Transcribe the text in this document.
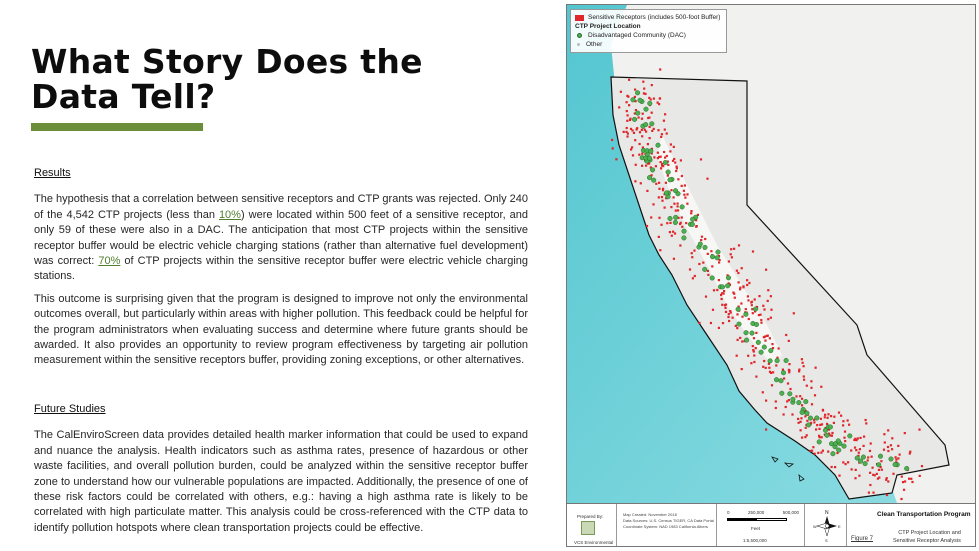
What Story Does the Data Tell?
Results

The hypothesis that a correlation between sensitive receptors and CTP grants was rejected. Only 240 of the 4,542 CTP projects (less than 10%) were located within 500 feet of a sensitive receptor, and only 59 of these were also in a DAC. The anticipation that most CTP projects within the sensitive receptor buffer would be electric vehicle charging stations (rather than alternative fuel development) was correct: 70% of CTP projects within the sensitive receptor buffer were electric vehicle charging stations.

This outcome is surprising given that the program is designed to improve not only the environmental outcomes overall, but particularly within areas with higher pollution. This feedback could be helpful for the program administrators when evaluating success and determine where future grants should be awarded. It also provides an opportunity to review program effectiveness by targeting air pollution measurement within the sensitive receptors buffer, providing zoning exceptions, or other alternatives.

Future Studies

The CalEnviroScreen data provides detailed health marker information that could be used to expand and nuance the analysis. Health indicators such as asthma rates, presence of hazardous or other waste facilities, and overall pollution burden, could be analyzed within the sensitive receptor buffer zone to understand how our vulnerable populations are impacted. Additionally, the presence of one of these risk factors could be correlated with others, e.g.: having a high asthma rate is likely to be correlated with high particulate matter. This analysis could be cross-referenced with the CTP data to identify pollution hotspots where clean transportation projects could be effective.

Sensitive Receptors (includes 500-foot Buffer)
CTP Project Location
Disadvantaged Community (DAC)
Other
Prepared By:
VCS Environmental
Map Created: November 2018
Data Sources: U.S. Census TIGER, CA Data Portal
Coordinate System: NAD 1983 California Albers
0	250,000	500,000
Feet
1:5,500,000
N
W	E
S
Clean Transportation Program
Figure 7
CTP Project Location and
Sensitive Receptor Analysis
